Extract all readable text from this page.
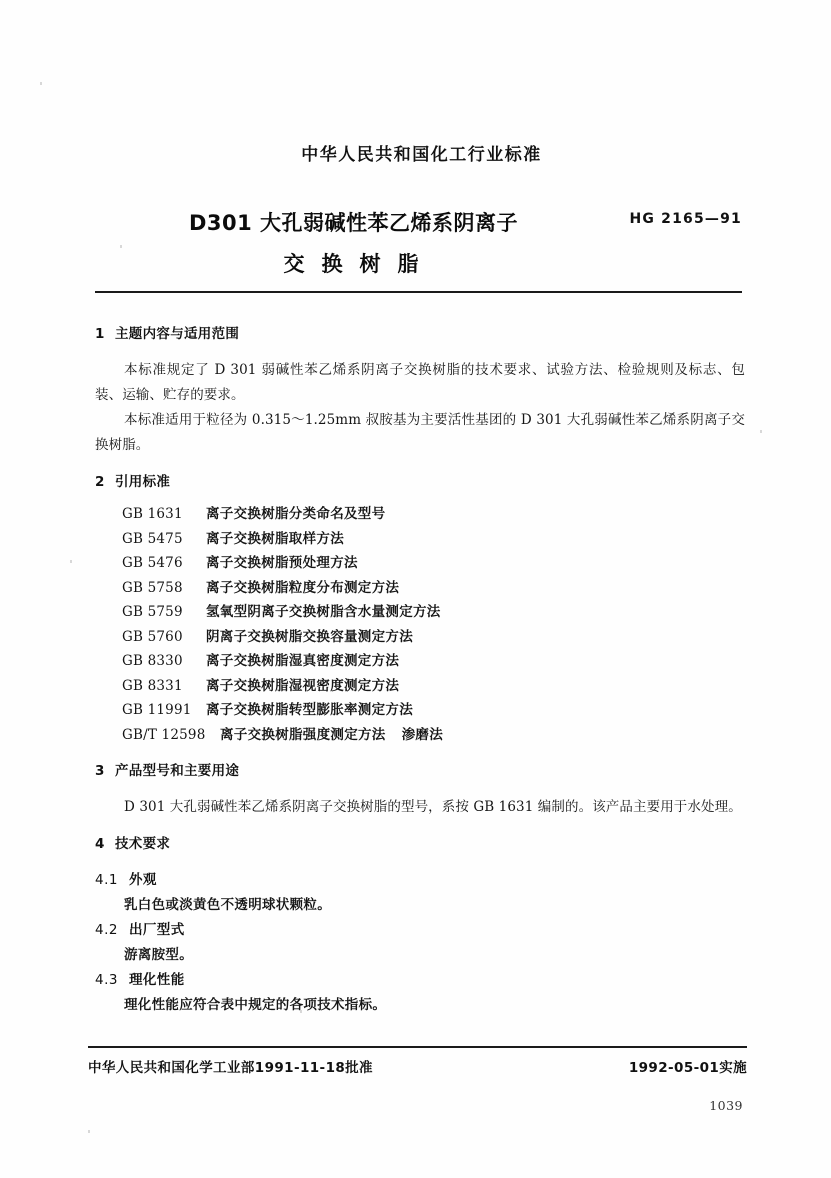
中华人民共和国化工行业标准

D301 大孔弱碱性苯乙烯系阴离子

交换树脂

HG 2165—91
1 主题内容与适用范围

本标准规定了 D 301 弱碱性苯乙烯系阴离子交换树脂的技术要求、试验方法、检验规则及标志、包装、运输、贮存的要求。

本标准适用于粒径为 0.315～1.25mm 叔胺基为主要活性基团的 D 301 大孔弱碱性苯乙烯系阴离子交换树脂。

2 引用标准
GB 1631 离子交换树脂分类命名及型号
GB 5475 离子交换树脂取样方法
GB 5476 离子交换树脂预处理方法
GB 5758 离子交换树脂粒度分布测定方法
GB 5759 氢氧型阴离子交换树脂含水量测定方法
GB 5760 阴离子交换树脂交换容量测定方法
GB 8330 离子交换树脂湿真密度测定方法
GB 8331 离子交换树脂湿视密度测定方法
GB 11991 离子交换树脂转型膨胀率测定方法
GB/T 12598 离子交换树脂强度测定方法 渗磨法
3 产品型号和主要用途

D 301 大孔弱碱性苯乙烯系阴离子交换树脂的型号，系按 GB 1631 编制的。该产品主要用于水处理。

4 技术要求
4.1 外观

乳白色或淡黄色不透明球状颗粒。

4.2 出厂型式

游离胺型。

4.3 理化性能

理化性能应符合表中规定的各项技术指标。

中华人民共和国化学工业部1991-11-18批准	1992-05-01实施
1039
